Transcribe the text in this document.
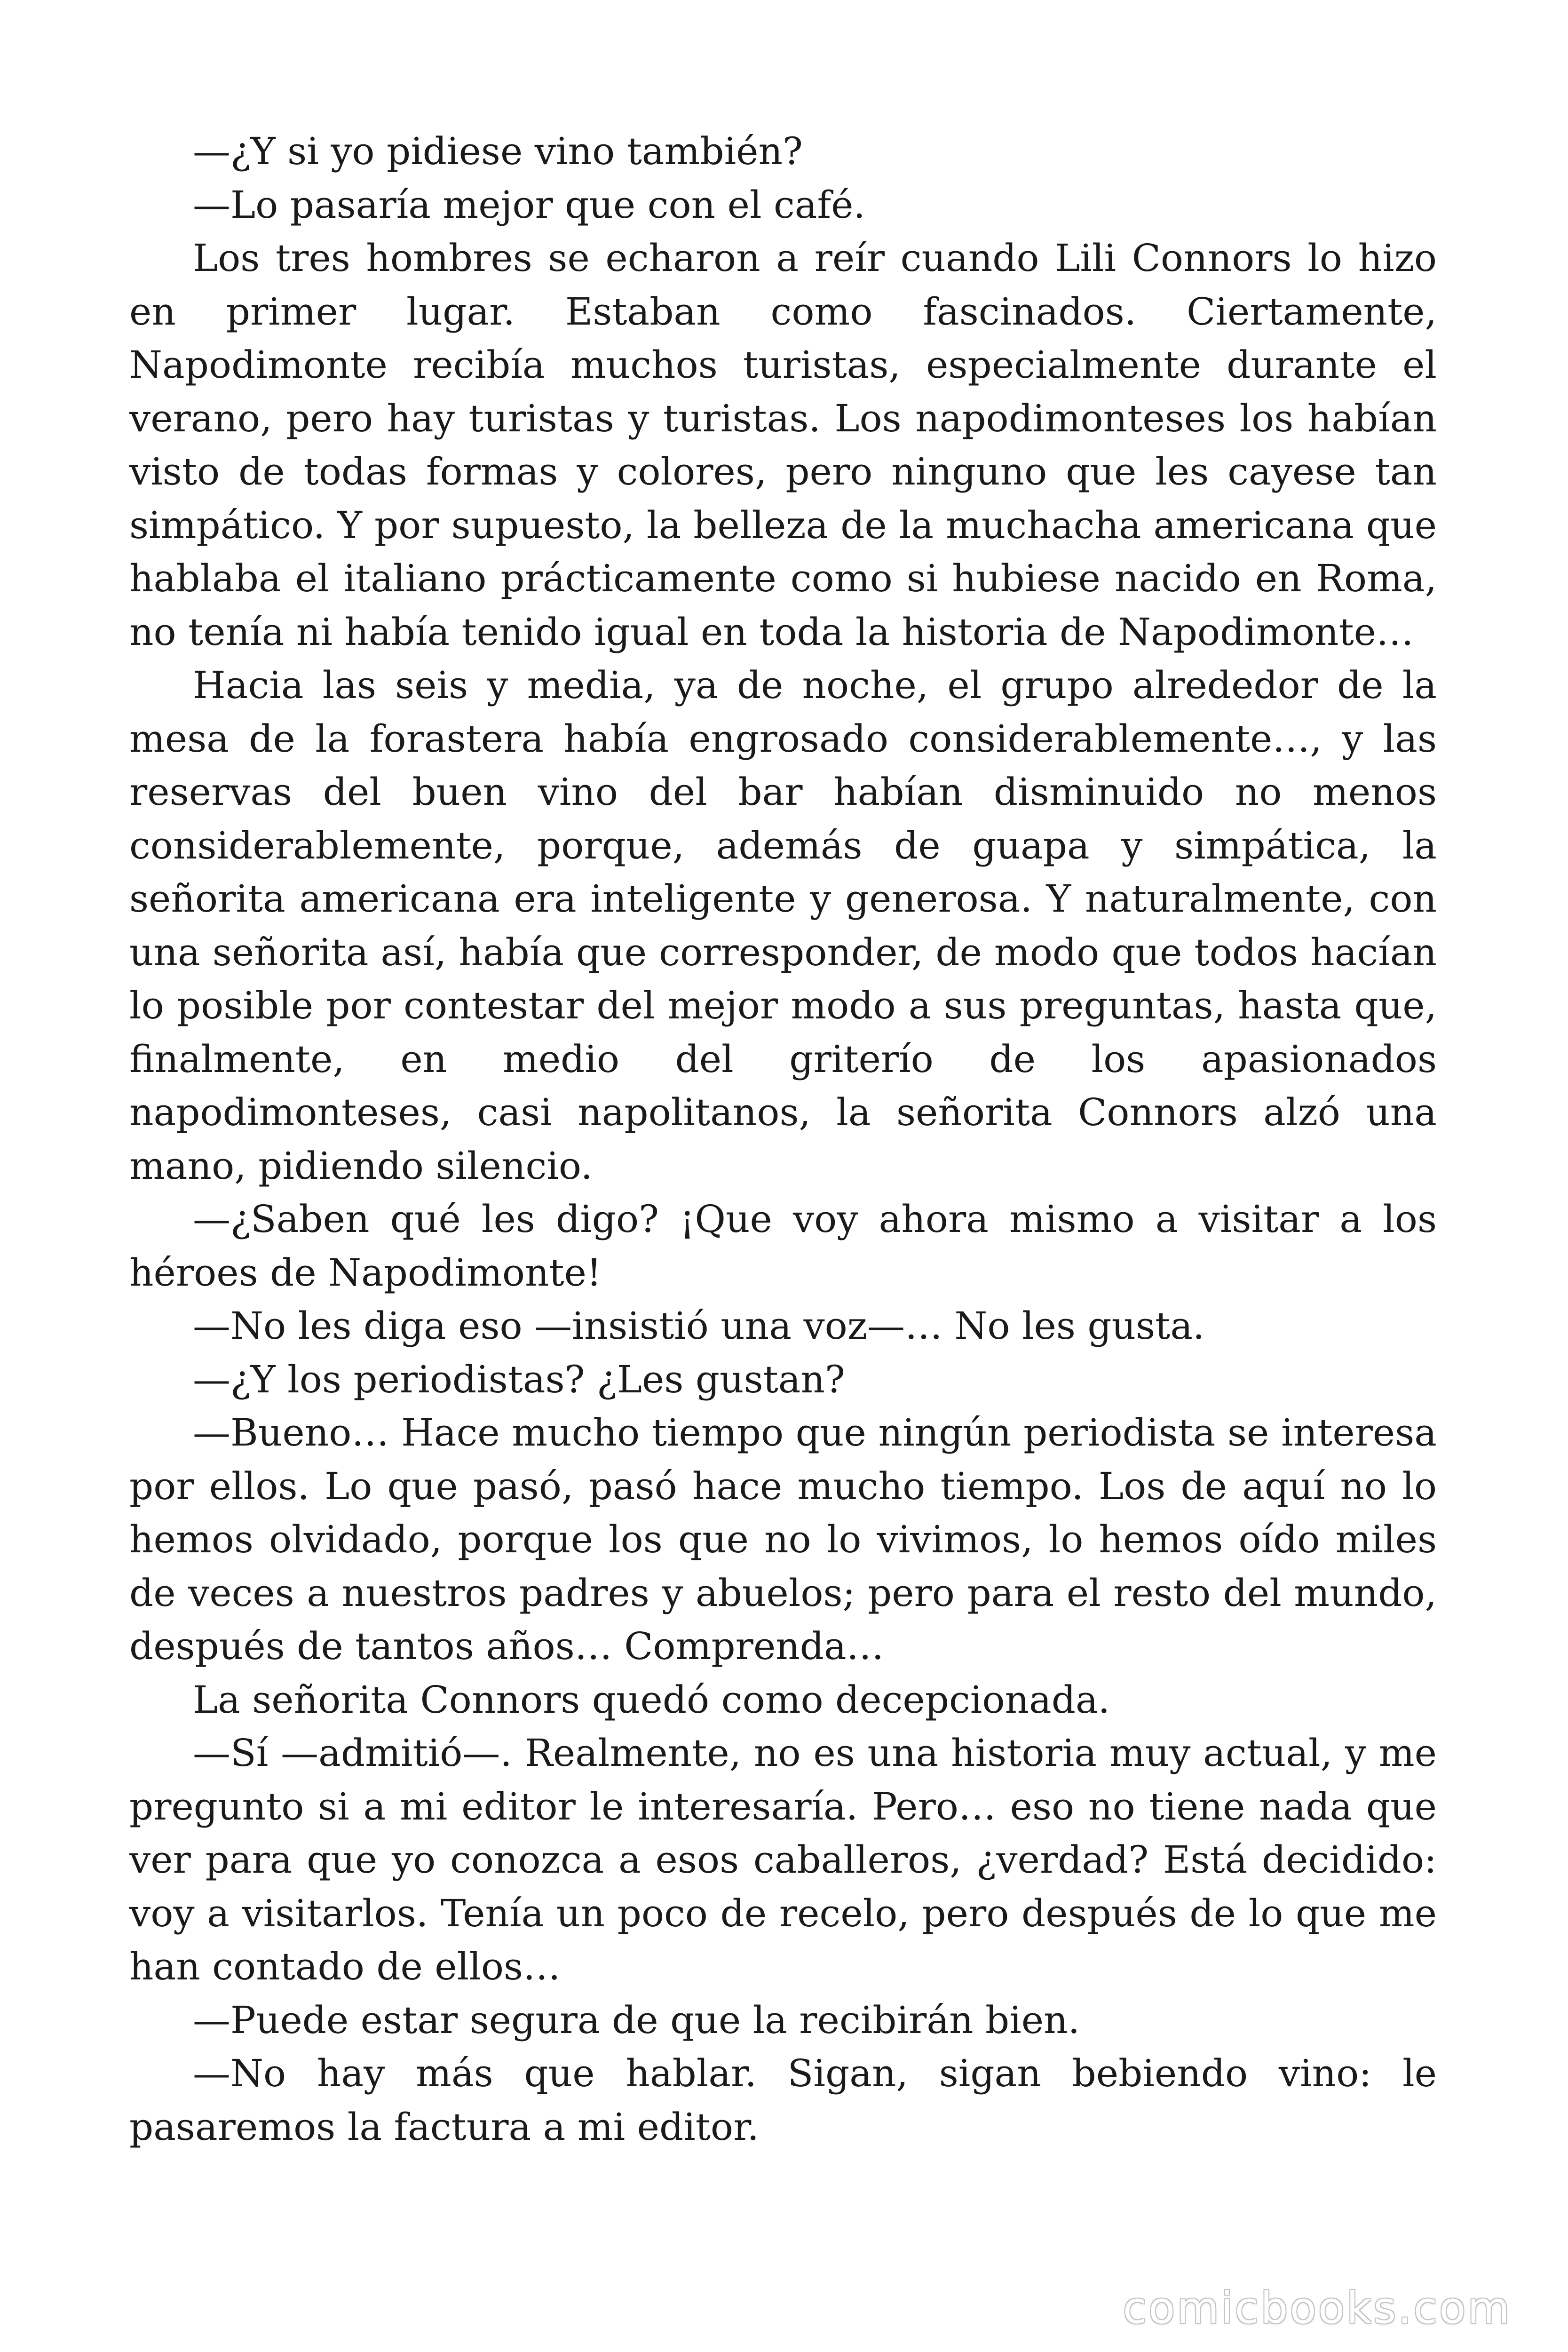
—¿Y si yo pidiese vino también?

—Lo pasaría mejor que con el café.

Los tres hombres se echaron a reír cuando Lili Connors lo hizo en primer lugar. Estaban como fascinados. Ciertamente, Napodimonte recibía muchos turistas, especialmente durante el verano, pero hay turistas y turistas. Los napodimonteses los habían visto de todas formas y colores, pero ninguno que les cayese tan simpático. Y por supuesto, la belleza de la muchacha americana que hablaba el italiano prácticamente como si hubiese nacido en Roma, no tenía ni había tenido igual en toda la historia de Napodimonte…

Hacia las seis y media, ya de noche, el grupo alrededor de la mesa de la forastera había engrosado considerablemente…, y las reservas del buen vino del bar habían disminuido no menos considerablemente, porque, además de guapa y simpática, la señorita americana era inteligente y generosa. Y naturalmente, con una señorita así, había que corresponder, de modo que todos hacían lo posible por contestar del mejor modo a sus preguntas, hasta que, finalmente, en medio del griterío de los apasionados napodimonteses, casi napolitanos, la señorita Connors alzó una mano, pidiendo silencio.

—¿Saben qué les digo? ¡Que voy ahora mismo a visitar a los héroes de Napodimonte!

—No les diga eso —insistió una voz—… No les gusta.

—¿Y los periodistas? ¿Les gustan?

—Bueno… Hace mucho tiempo que ningún periodista se interesa por ellos. Lo que pasó, pasó hace mucho tiempo. Los de aquí no lo hemos olvidado, porque los que no lo vivimos, lo hemos oído miles de veces a nuestros padres y abuelos; pero para el resto del mundo, después de tantos años… Comprenda…

La señorita Connors quedó como decepcionada.

—Sí —admitió—. Realmente, no es una historia muy actual, y me pregunto si a mi editor le interesaría. Pero… eso no tiene nada que ver para que yo conozca a esos caballeros, ¿verdad? Está decidido: voy a visitarlos. Tenía un poco de recelo, pero después de lo que me han contado de ellos…

—Puede estar segura de que la recibirán bien.

—No hay más que hablar. Sigan, sigan bebiendo vino: le pasaremos la factura a mi editor.

comicbooks.com
